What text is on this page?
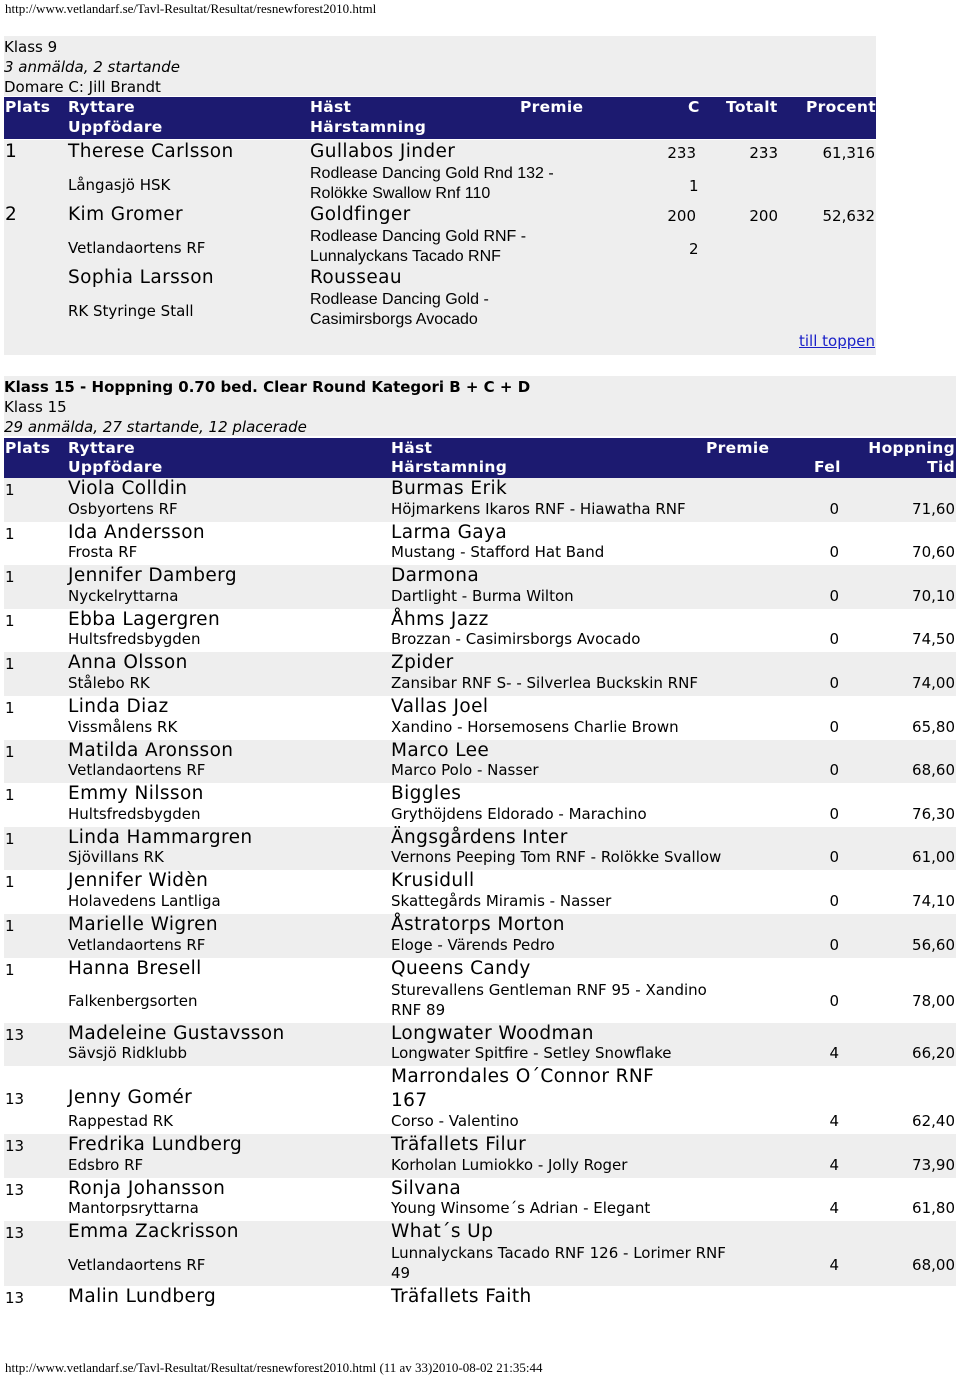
http://www.vetlandarf.se/Tavl-Resultat/Resultat/resnewforest2010.html
Klass 9
3 anmälda, 2 startande
Domare C: Jill Brandt
Plats Ryttare
Uppfödare
Häst
Härstamning
Premie	C Totalt Procent
1	Therese Carlsson	Gullabos Jinder	233	233	61,316
Långasjö HSK
Rodlease Dancing Gold Rnd 132 -
Rolökke Swallow Rnf 110	1
2	Kim Gromer	Goldfinger	200	200	52,632
Vetlandaortens RF
Rodlease Dancing Gold RNF -
Lunnalyckans Tacado RNF	2
Sophia Larsson	Rousseau
RK Styringe Stall
Rodlease Dancing Gold -
Casimirsborgs Avocado
till toppen
Klass 15 - Hoppning 0.70 bed. Clear Round Kategori B + C + D
Klass 15
29 anmälda, 27 startande, 12 placerade
Plats Ryttare
Uppfödare
Häst
Härstamning
Premie	Hoppning
Fel	Tid
1	Viola Colldin	Burmas Erik
Osbyortens RF	Höjmarkens Ikaros RNF - Hiawatha RNF	0	71,60
1	Ida Andersson	Larma Gaya
Frosta RF	Mustang - Stafford Hat Band	0	70,60
1	Jennifer Damberg	Darmona
Nyckelryttarna	Dartlight - Burma Wilton	0	70,10
1	Ebba Lagergren	Åhms Jazz
Hultsfredsbygden	Brozzan - Casimirsborgs Avocado	0	74,50
1	Anna Olsson	Zpider
Stålebo RK	Zansibar RNF S- - Silverlea Buckskin RNF	0	74,00
1	Linda Diaz	Vallas Joel
Vissmålens RK	Xandino - Horsemosens Charlie Brown	0	65,80
1	Matilda Aronsson	Marco Lee
Vetlandaortens RF	Marco Polo - Nasser	0	68,60
1	Emmy Nilsson	Biggles
Hultsfredsbygden	Grythöjdens Eldorado - Marachino	0	76,30
1	Linda Hammargren	Ängsgårdens Inter
Sjövillans RK	Vernons Peeping Tom RNF - Rolökke Svallow	0	61,00
1	Jennifer Widèn	Krusidull
Holavedens Lantliga	Skattegårds Miramis - Nasser	0	74,10
1	Marielle Wigren	Åstratorps Morton
Vetlandaortens RF	Eloge - Värends Pedro	0	56,60
1	Hanna Bresell	Queens Candy
Falkenbergsorten
Sturevallens Gentleman RNF 95 - Xandino
RNF 89	0	78,00
13 Madeleine Gustavsson	Longwater Woodman
Sävsjö Ridklubb	Longwater Spitfire - Setley Snowflake	4	66,20
13 Jenny Gomér
Marrondales O´Connor RNF
167
Rappestad RK	Corso - Valentino	4	62,40
13 Fredrika Lundberg	Träfallets Filur
Edsbro RF	Korholan Lumiokko - Jolly Roger	4	73,90
13 Ronja Johansson	Silvana
Mantorpsryttarna	Young Winsome´s Adrian - Elegant	4	61,80
13 Emma Zackrisson	What´s Up
Vetlandaortens RF
Lunnalyckans Tacado RNF 126 - Lorimer RNF
49	4	68,00
13 Malin Lundberg	Träfallets Faith
http://www.vetlandarf.se/Tavl-Resultat/Resultat/resnewforest2010.html (11 av 33)2010-08-02 21:35:44
